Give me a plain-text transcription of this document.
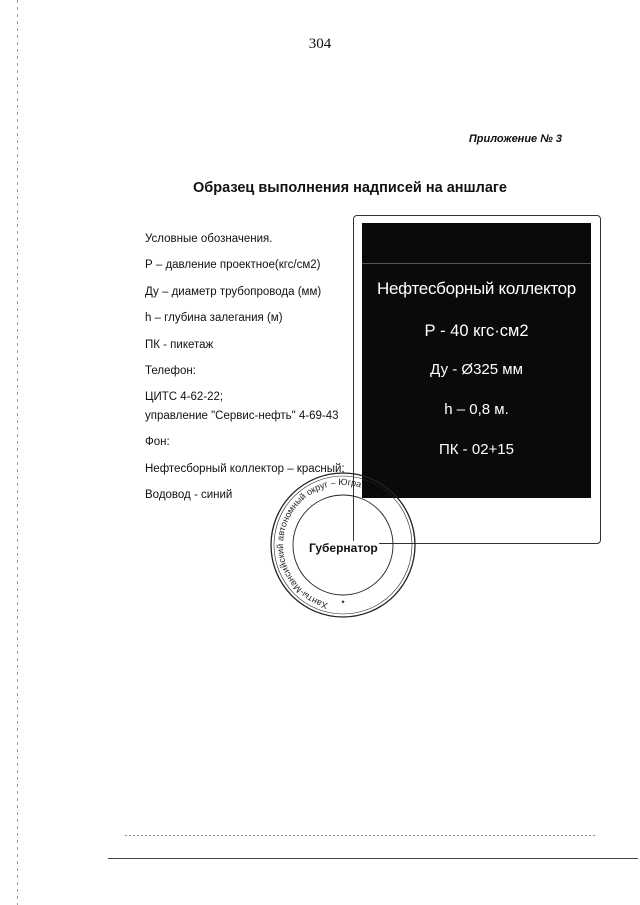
304
Приложение № 3
Образец выполнения надписей на аншлаге
Условные обозначения.
Р – давление проектное(кгс/см2)
Ду – диаметр трубопровода (мм)
h – глубина залегания (м)
ПК - пикетаж
Телефон:
ЦИТС 4-62-22;
управление "Сервис-нефть" 4-69-43
Фон:
Нефтесборный коллектор – красный;
Водовод - синий
Нефтесборный коллектор
Р - 40 кгс·см2
Ду - Ø325 мм
h – 0,8 м.
ПК - 02+15
Ханты-Мансийский автономный округ – Югра
✦
Губернатор
